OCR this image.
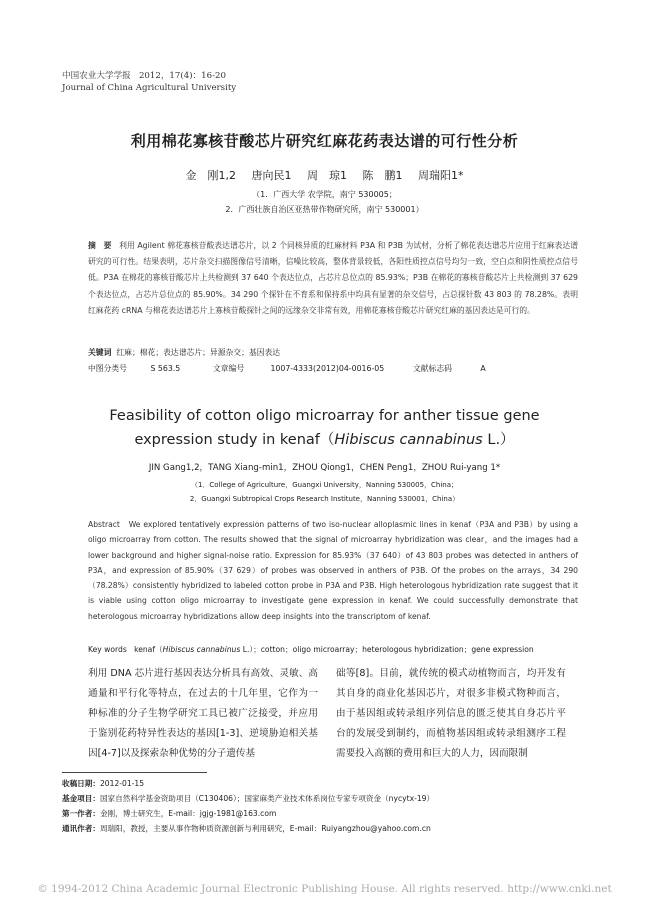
中国农业大学学报 2012，17(4)：16-20
Journal of China Agricultural University
利用棉花寡核苷酸芯片研究红麻花药表达谱的可行性分析
金　刚1,2 唐向民1 周　琼1 陈　鹏1 周瑞阳1*
（1．广西大学 农学院，南宁 530005；
2．广西壮族自治区亚热带作物研究所，南宁 530001）
摘　要 利用 Agilent 棉花寡核苷酸表达谱芯片，以 2 个同核异质的红麻材料 P3A 和 P3B 为试材，分析了棉花表达谱芯片应用于红麻表达谱研究的可行性。结果表明，芯片杂交扫描图像信号清晰，信噪比较高，整体背景较低，各阳性质控点信号均匀一致，空白点和阴性质控点信号低。P3A 在棉花的寡核苷酸芯片上共检测到 37 640 个表达位点，占芯片总位点的 85.93%；P3B 在棉花的寡核苷酸芯片上共检测到 37 629 个表达位点，占芯片总位点的 85.90%。34 290 个探针在不育系和保持系中均具有显著的杂交信号，占总探针数 43 803 的 78.28%。表明红麻花药 cRNA 与棉花表达谱芯片上寡核苷酸探针之间的远缘杂交非常有效，用棉花寡核苷酸芯片研究红麻的基因表达是可行的。
关键词 红麻；棉花；表达谱芯片；异源杂交；基因表达
中图分类号	S 563.5	文章编号	1007-4333(2012)04-0016-05	文献标志码	A
Feasibility of cotton oligo microarray for anther tissue gene
expression study in kenaf（Hibiscus cannabinus L.）
JIN Gang1,2，TANG Xiang-min1，ZHOU Qiong1，CHEN Peng1，ZHOU Rui-yang 1*
（1．College of Agriculture，Guangxi University，Nanning 530005，China；
2．Guangxi Subtropical Crops Research Institute，Nanning 530001，China）
Abstract We explored tentatively expression patterns of two iso-nuclear alloplasmic lines in kenaf（P3A and P3B）by using a oligo microarray from cotton. The results showed that the signal of microarray hybridization was clear，and the images had a lower background and higher signal-noise ratio. Expression for 85.93%（37 640）of 43 803 probes was detected in anthers of P3A，and expression of 85.90%（37 629）of probes was observed in anthers of P3B. Of the probes on the arrays，34 290（78.28%）consistently hybridized to labeled cotton probe in P3A and P3B. High heterologous hybridization rate suggest that it is viable using cotton oligo microarray to investigate gene expression in kenaf. We could successfully demonstrate that heterologous microarray hybridizations allow deep insights into the transcriptom of kenaf.
Key words kenaf（Hibiscus cannabinus L.）；cotton；oligo microarray；heterologous hybridization；gene expression
利用 DNA 芯片进行基因表达分析具有高效、灵敏、高通量和平行化等特点，在过去的十几年里，它作为一种标准的分子生物学研究工具已被广泛接受，并应用于鉴别花药特异性表达的基因[1-3]、逆境胁迫相关基因[4-7]以及探索杂种优势的分子遗传基
础等[8]。目前，就传统的模式动植物而言，均开发有其自身的商业化基因芯片，对很多非模式物种而言，由于基因组或转录组序列信息的匮乏使其自身芯片平台的发展受到制约，而植物基因组或转录组测序工程需要投入高额的费用和巨大的人力，因而限制
收稿日期：2012-01-15
基金项目：国家自然科学基金资助项目（C130406）；国家麻类产业技术体系岗位专家专项资金（nycytx-19）
第一作者：金刚，博士研究生，E-mail：jgjg-1981@163.com
通讯作者：周瑞阳，教授，主要从事作物种质资源创新与利用研究，E-mail：Ruiyangzhou@yahoo.com.cn
© 1994-2012 China Academic Journal Electronic Publishing House. All rights reserved. http://www.cnki.net
